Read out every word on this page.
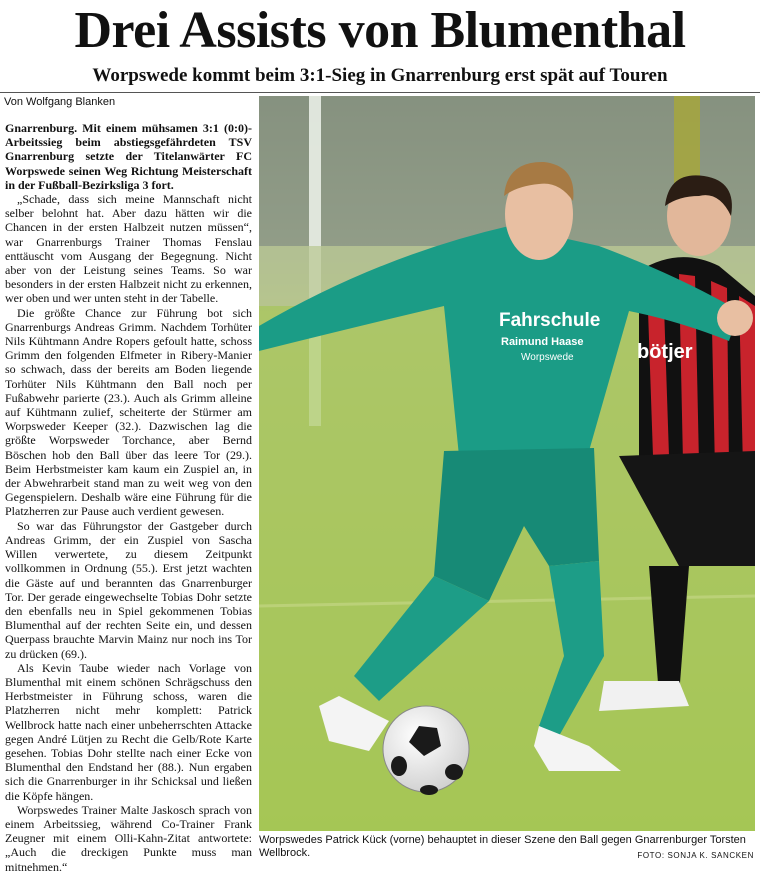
Drei Assists von Blumenthal
Worpswede kommt beim 3:1-Sieg in Gnarrenburg erst spät auf Touren
Von Wolfgang Blanken

Gnarrenburg. Mit einem mühsamen 3:1 (0:0)-Arbeitssieg beim abstiegsgefährdeten TSV Gnarrenburg setzte der Titelanwärter FC Worpswede seinen Weg Richtung Meisterschaft in der Fußball-Bezirksliga 3 fort.

„Schade, dass sich meine Mannschaft nicht selber belohnt hat. Aber dazu hätten wir die Chancen in der ersten Halbzeit nutzen müssen“, war Gnarrenburgs Trainer Thomas Fenslau enttäuscht vom Ausgang der Begegnung. Nicht aber von der Leistung seines Teams. So war besonders in der ersten Halbzeit nicht zu erkennen, wer oben und wer unten steht in der Tabelle.

Die größte Chance zur Führung bot sich Gnarrenburgs Andreas Grimm. Nachdem Torhüter Nils Kühtmann Andre Ropers gefoult hatte, schoss Grimm den folgenden Elfmeter in Ribery-Manier so schwach, dass der bereits am Boden liegende Torhüter Nils Kühtmann den Ball noch per Fußabwehr parierte (23.). Auch als Grimm alleine auf Kühtmann zulief, scheiterte der Stürmer am Worpsweder Keeper (32.). Dazwischen lag die größte Worpsweder Torchance, aber Bernd Böschen hob den Ball über das leere Tor (29.). Beim Herbstmeister kam kaum ein Zuspiel an, in der Abwehrarbeit stand man zu weit weg von den Gegenspielern. Deshalb wäre eine Führung für die Platzherren zur Pause auch verdient gewesen.

So war das Führungstor der Gastgeber durch Andreas Grimm, der ein Zuspiel von Sascha Willen verwertete, zu diesem Zeitpunkt vollkommen in Ordnung (55.). Erst jetzt wachten die Gäste auf und berannten das Gnarrenburger Tor. Der gerade eingewechselte Tobias Dohr setzte den ebenfalls neu in Spiel gekommenen Tobias Blumenthal auf der rechten Seite ein, und dessen Querpass brauchte Marvin Mainz nur noch ins Tor zu drücken (69.).

Als Kevin Taube wieder nach Vorlage von Blumenthal mit einem schönen Schrägschuss den Herbstmeister in Führung schoss, waren die Platzherren nicht mehr komplett: Patrick Wellbrock hatte nach einer unbeherrschten Attacke gegen André Lütjen zu Recht die Gelb/Rote Karte gesehen. Tobias Dohr stellte nach einer Ecke von Blumenthal den Endstand her (88.). Nun ergaben sich die Gnarrenburger in ihr Schicksal und ließen die Köpfe hängen.

Worpswedes Trainer Malte Jaskosch sprach von einem Arbeitssieg, während Co-Trainer Frank Zeugner mit einem Olli-Kahn-Zitat antwortete: „Auch die dreckigen Punkte muss man mitnehmen.“

Fahrschule
Raimund Haase
Worpswede	bötjer
Worpswedes Patrick Kück (vorne) behauptet in dieser Szene den Ball gegen Gnarrenburger Torsten Wellbrock.	FOTO: SONJA K. SANCKEN
